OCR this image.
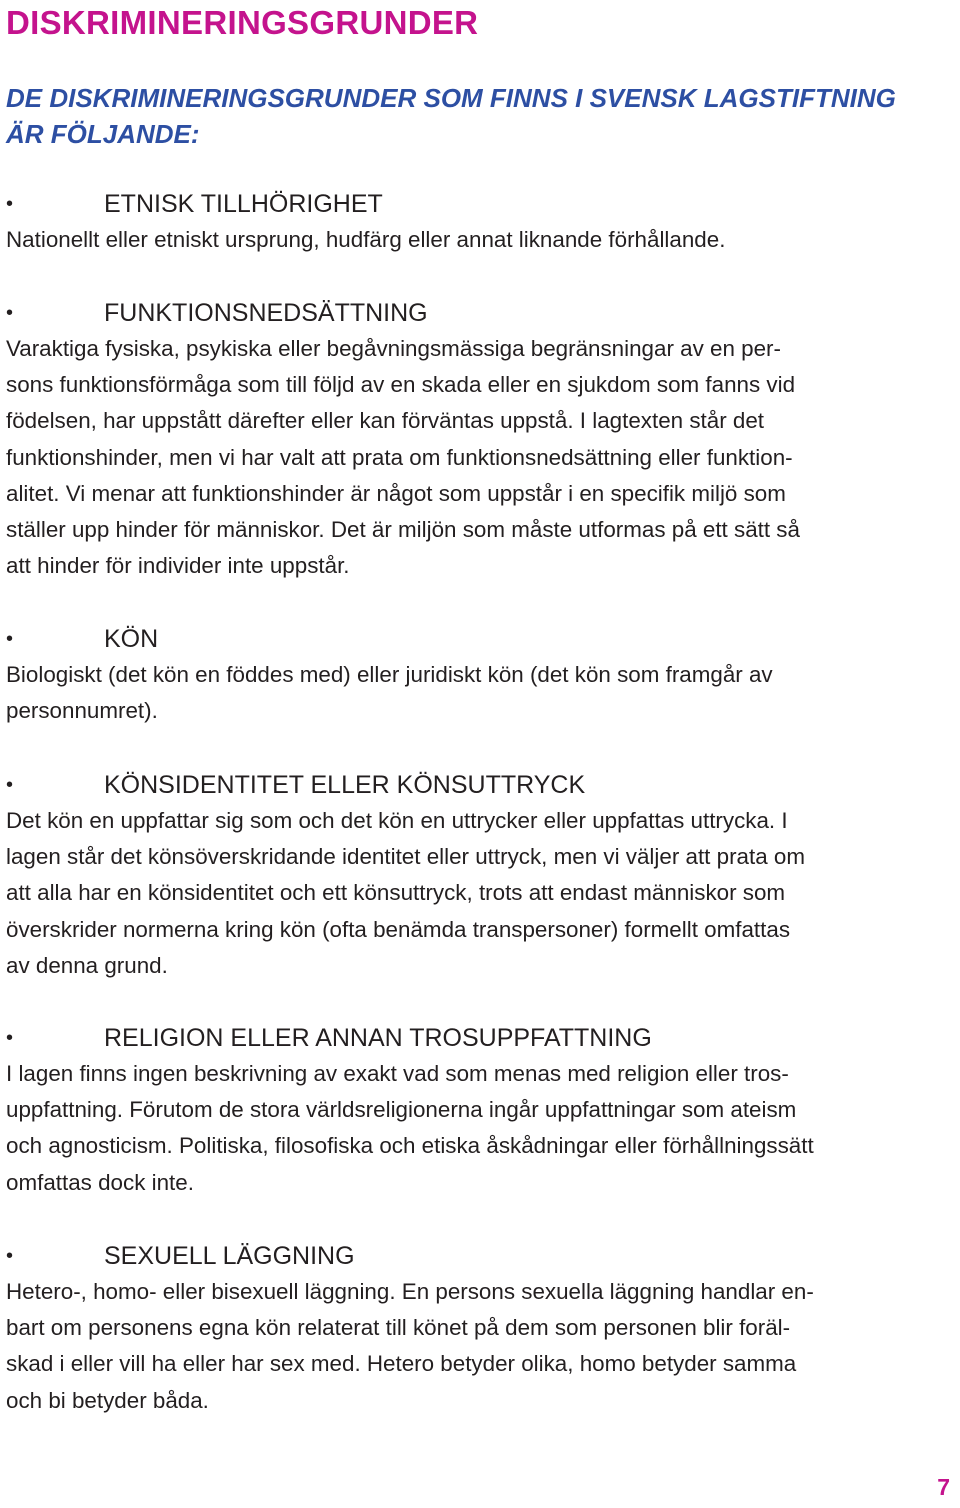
DISKRIMINERINGSGRUNDER
DE DISKRIMINERINGSGRUNDER SOM FINNS I SVENSK LAGSTIFTNING ÄR FÖLJANDE:
•	ETNISK TILLHÖRIGHET

Nationellt eller etniskt ursprung, hudfärg eller annat liknande förhållande.

•	FUNKTIONSNEDSÄTTNING

Varaktiga fysiska, psykiska eller begåvningsmässiga begränsningar av en per-
sons funktionsförmåga som till följd av en skada eller en sjukdom som fanns vid
födelsen, har uppstått därefter eller kan förväntas uppstå. I lagtexten står det
funktionshinder, men vi har valt att prata om funktionsnedsättning eller funktion-
alitet. Vi menar att funktionshinder är något som uppstår i en specifik miljö som
ställer upp hinder för människor. Det är miljön som måste utformas på ett sätt så
att hinder för individer inte uppstår.

•	KÖN

Biologiskt (det kön en föddes med) eller juridiskt kön (det kön som framgår av
personnumret).

•	KÖNSIDENTITET ELLER KÖNSUTTRYCK

Det kön en uppfattar sig som och det kön en uttrycker eller uppfattas uttrycka. I
lagen står det könsöverskridande identitet eller uttryck, men vi väljer att prata om
att alla har en könsidentitet och ett könsuttryck, trots att endast människor som
överskrider normerna kring kön (ofta benämda transpersoner) formellt omfattas
av denna grund.

•	RELIGION ELLER ANNAN TROSUPPFATTNING

I lagen finns ingen beskrivning av exakt vad som menas med religion eller tros-
uppfattning. Förutom de stora världsreligionerna ingår uppfattningar som ateism
och agnosticism. Politiska, filosofiska och etiska åskådningar eller förhållningssätt
omfattas dock inte.

•	SEXUELL LÄGGNING

Hetero-, homo- eller bisexuell läggning. En persons sexuella läggning handlar en-
bart om personens egna kön relaterat till könet på dem som personen blir foräl-
skad i eller vill ha eller har sex med. Hetero betyder olika, homo betyder samma
och bi betyder båda.

7
